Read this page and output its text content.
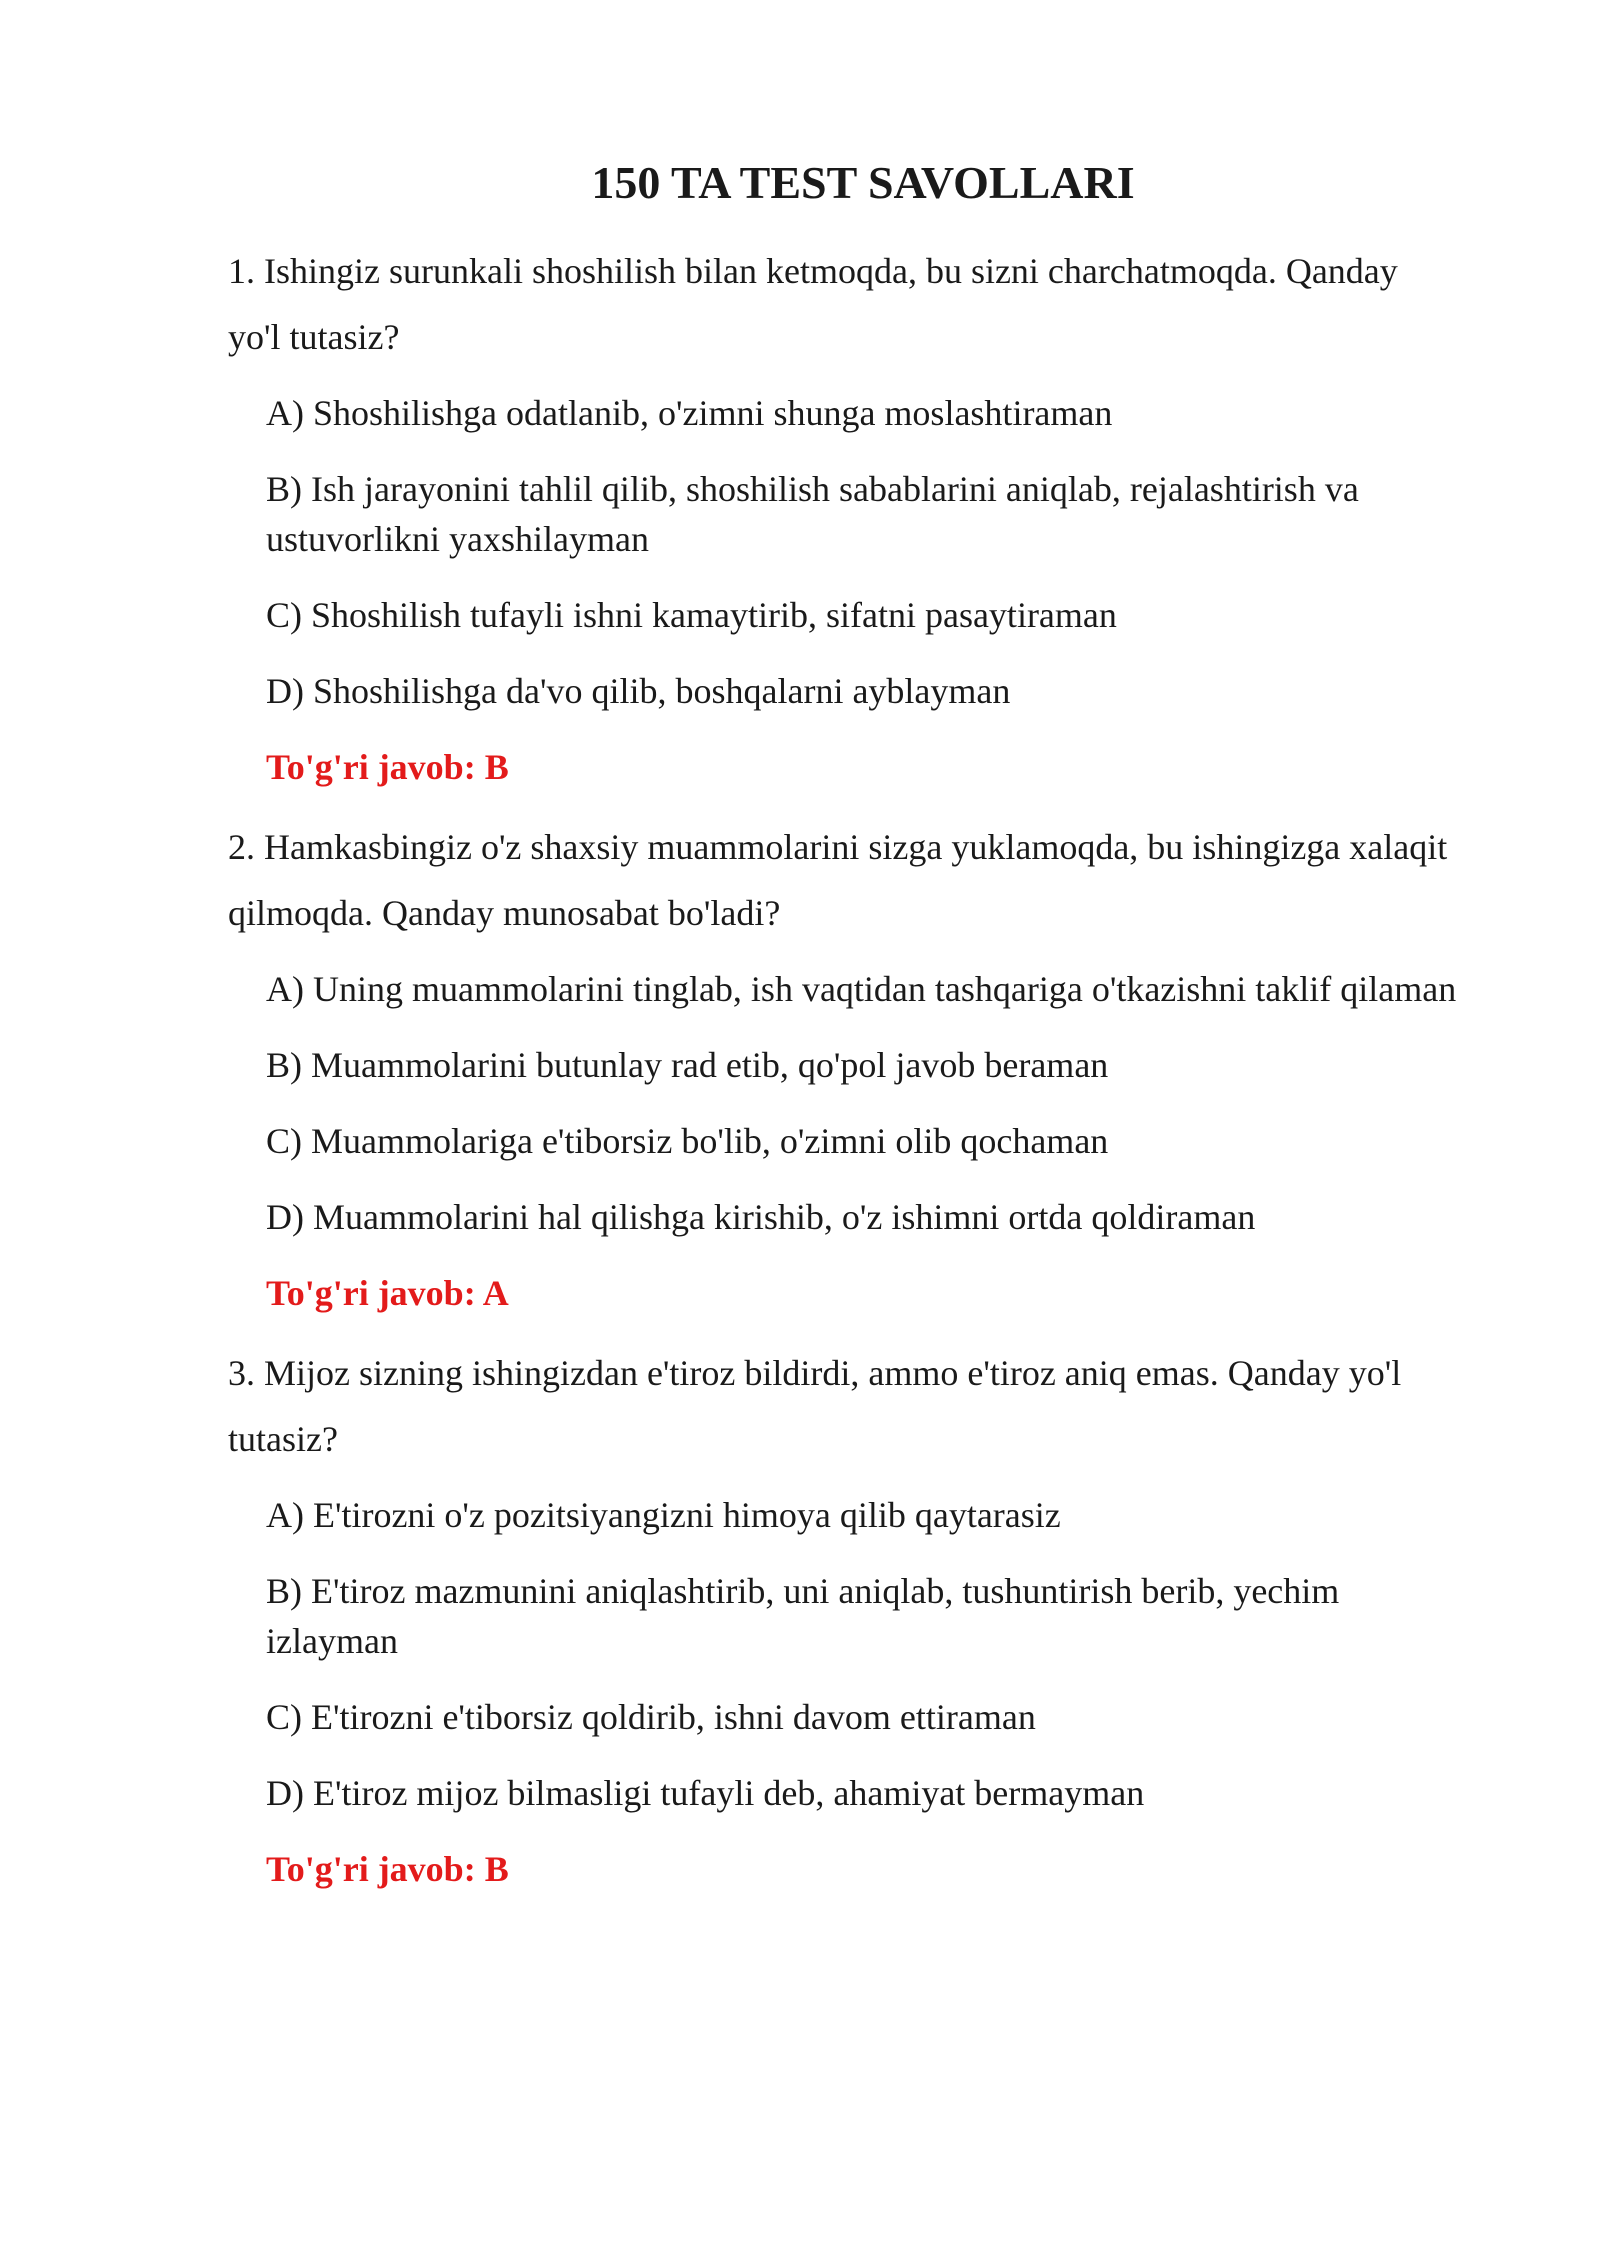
150 TA TEST SAVOLLARI

1. Ishingiz surunkali shoshilish bilan ketmoqda, bu sizni charchatmoqda. Qanday yo'l tutasiz?

A) Shoshilishga odatlanib, o'zimni shunga moslashtiraman
B) Ish jarayonini tahlil qilib, shoshilish sabablarini aniqlab, rejalashtirish va ustuvorlikni yaxshilayman
C) Shoshilish tufayli ishni kamaytirib, sifatni pasaytiraman
D) Shoshilishga da'vo qilib, boshqalarni ayblayman

To'g'ri javob: B

2. Hamkasbingiz o'z shaxsiy muammolarini sizga yuklamoqda, bu ishingizga xalaqit qilmoqda. Qanday munosabat bo'ladi?

A) Uning muammolarini tinglab, ish vaqtidan tashqariga o'tkazishni taklif qilaman
B) Muammolarini butunlay rad etib, qo'pol javob beraman
C) Muammolariga e'tiborsiz bo'lib, o'zimni olib qochaman
D) Muammolarini hal qilishga kirishib, o'z ishimni ortda qoldiraman

To'g'ri javob: A

3. Mijoz sizning ishingizdan e'tiroz bildirdi, ammo e'tiroz aniq emas. Qanday yo'l tutasiz?

A) E'tirozni o'z pozitsiyangizni himoya qilib qaytarasiz
B) E'tiroz mazmunini aniqlashtirib, uni aniqlab, tushuntirish berib, yechim izlayman
C) E'tirozni e'tiborsiz qoldirib, ishni davom ettiraman
D) E'tiroz mijoz bilmasligi tufayli deb, ahamiyat bermayman

To'g'ri javob: B
